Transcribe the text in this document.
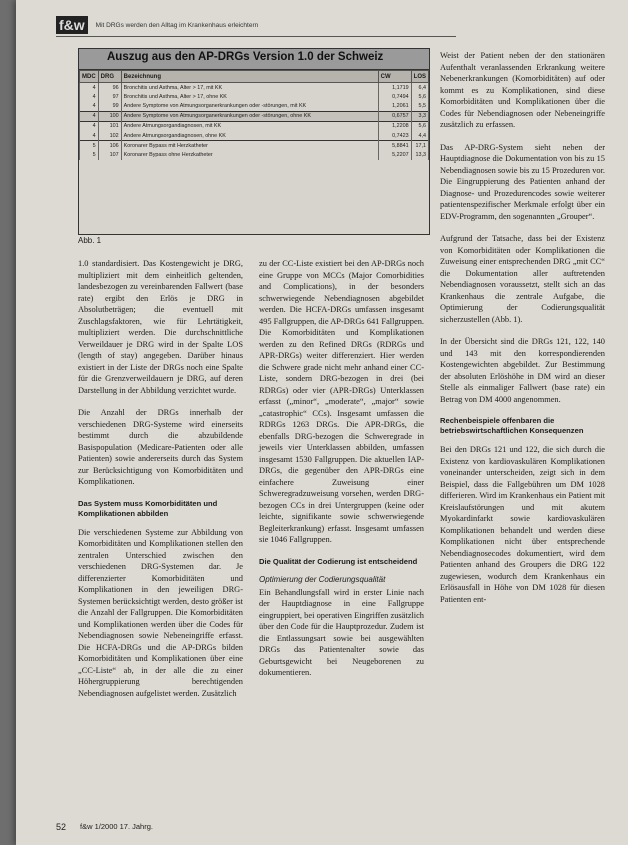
f&w	Mit DRGs werden den Alltag im Krankenhaus erleichtern
Auszug aus den AP-DRGs Version 1.0 der Schweiz
MDC	DRG	Bezeichnung	CW	LOS
4	96	Bronchitis und Asthma, Alter > 17, mit KK	1,1719	6,4
4	97	Bronchitis und Asthma, Alter > 17, ohne KK	0,7494	5,6
4	99	Andere Symptome von Atmungsorganerkrankungen oder -störungen, mit KK	1,2061	5,5
4	100	Andere Symptome von Atmungsorganerkrankungen oder -störungen, ohne KK	0,6757	3,3
4	101	Andere Atmungsorgandiagnosen, mit KK	1,2208	5,6
4	102	Andere Atmungsorgandiagnosen, ohne KK	0,7423	4,4
5	106	Koronarer Bypass mit Herzkatheter	5,8841	17,1
5	107	Koronarer Bypass ohne Herzkatheter	5,2207	13,3

Abb. 1

1.0 standardisiert. Das Kostengewicht je DRG, multipliziert mit dem einheitlich geltenden, landesbezogen zu vereinbarenden Fallwert (base rate) ergibt den Erlös je DRG in Absolutbeträgen; die eventuell mit Zuschlagsfaktoren, wie für Lehrtätigkeit, multipliziert werden. Die durchschnittliche Verweildauer je DRG wird in der Spalte LOS (length of stay) angegeben. Darüber hinaus existiert in der Liste der DRGs noch eine Spalte für die Grenzverweildauern je DRG, auf deren Darstellung in der Abbildung verzichtet wurde.

Die Anzahl der DRGs innerhalb der verschiedenen DRG-Systeme wird einerseits bestimmt durch die abzubildende Basispopulation (Medicare-Patienten oder alle Patienten) sowie andererseits durch das System zur Berücksichtigung von Komorbiditäten und Komplikationen.

Das System muss Komorbiditäten und Komplikationen abbilden

Die verschiedenen Systeme zur Abbildung von Komorbiditäten und Komplikationen stellen den zentralen Unterschied zwischen den verschiedenen DRG-Systemen dar. Je differenzierter Komorbiditäten und Komplikationen in den jeweiligen DRG-Systemen berücksichtigt werden, desto größer ist die Anzahl der Fallgruppen. Die Komorbiditäten und Komplikationen werden über die Codes für Nebendiagnosen sowie Nebeneingriffe erfasst. Die HCFA-DRGs und die AP-DRGs bilden Komorbiditäten und Komplikationen über eine „CC-Liste“ ab, in der alle die zu einer Höhergruppierung berechtigenden Nebendiagnosen aufgelistet werden. Zusätzlich

zu der CC-Liste existiert bei den AP-DRGs noch eine Gruppe von MCCs (Major Comorbidities and Complications), in der besonders schwerwiegende Nebendiagnosen abgebildet werden. Die HCFA-DRGs umfassen insgesamt 495 Fallgruppen, die AP-DRGs 641 Fallgruppen. Die Komorbiditäten und Komplikationen werden zu den Refined DRGs (RDRGs und APR-DRGs) weiter differenziert. Hier werden die Schwere grade nicht mehr anhand einer CC-Liste, sondern DRG-bezogen in drei (bei RDRGs) oder vier (APR-DRGs) Unterklassen erfasst („minor“, „moderate“, „major“ sowie „catastrophic“ CCs). Insgesamt umfassen die RDRGs 1263 DRGs. Die APR-DRGs, die ebenfalls DRG-bezogen die Schweregrade in jeweils vier Unterklassen abbilden, umfassen insgesamt 1530 Fallgruppen. Die aktuellen IAP-DRGs, die gegenüber den APR-DRGs eine einfachere Zuweisung einer Schweregradzuweisung vorsehen, werden DRG-bezogen CCs in drei Untergruppen (keine oder leichte, signifikante sowie schwerwiegende Begleiterkrankung) erfasst. Insgesamt umfassen sie 1046 Fallgruppen.

Die Qualität der Codierung ist entscheidend
Optimierung der Codierungsqualität

Ein Behandlungsfall wird in erster Linie nach der Hauptdiagnose in eine Fallgruppe eingruppiert, bei operativen Eingriffen zusätzlich über den Code für die Hauptprozedur. Zudem ist die Entlassungsart sowie bei ausgewählten DRGs das Patientenalter sowie das Geburtsgewicht bei Neugeborenen zu dokumentieren.

Weist der Patient neben der den stationären Aufenthalt veranlassenden Erkrankung weitere Nebenerkrankungen (Komorbiditäten) auf oder kommt es zu Komplikationen, sind diese Komorbiditäten und Komplikationen über die Codes für Nebendiagnosen oder Nebeneingriffe zusätzlich zu erfassen.

Das AP-DRG-System sieht neben der Hauptdiagnose die Dokumentation von bis zu 15 Nebendiagnosen sowie bis zu 15 Prozeduren vor. Die Eingruppierung des Patienten anhand der Diagnose- und Prozedurencodes sowie weiterer patientenspezifischer Merkmale erfolgt über ein EDV-Programm, den sogenannten „Grouper“.

Aufgrund der Tatsache, dass bei der Existenz von Komorbiditäten oder Komplikationen die Zuweisung einer entsprechenden DRG „mit CC“ die Dokumentation aller auftretenden Nebendiagnosen voraussetzt, stellt sich an das Krankenhaus die zentrale Aufgabe, die Optimierung der Codierungsqualität sicherzustellen (Abb. 1).

In der Übersicht sind die DRGs 121, 122, 140 und 143 mit den korrespondierenden Kostengewichten abgebildet. Zur Bestimmung der absoluten Erlöshöhe in DM wird an dieser Stelle als einmaliger Fallwert (base rate) ein Betrag von DM 4000 angenommen.

Rechenbeispiele offenbaren die betriebswirtschaftlichen Konsequenzen

Bei den DRGs 121 und 122, die sich durch die Existenz von kardiovaskulären Komplikationen voneinander unterscheiden, zeigt sich in dem Beispiel, dass die Fallgebühren um DM 1028 differieren. Wird im Krankenhaus ein Patient mit Kreislaufstörungen und mit akutem Myokardinfarkt sowie kardiovaskulären Komplikationen behandelt und werden diese Komplikationen nicht über entsprechende Nebendiagnosecodes dokumentiert, wird dem Patienten anhand des Groupers die DRG 122 zugewiesen, wodurch dem Krankenhaus ein Erlösausfall in Höhe von DM 1028 für diesen Patienten ent-

52 f&w 1/2000 17. Jahrg.
